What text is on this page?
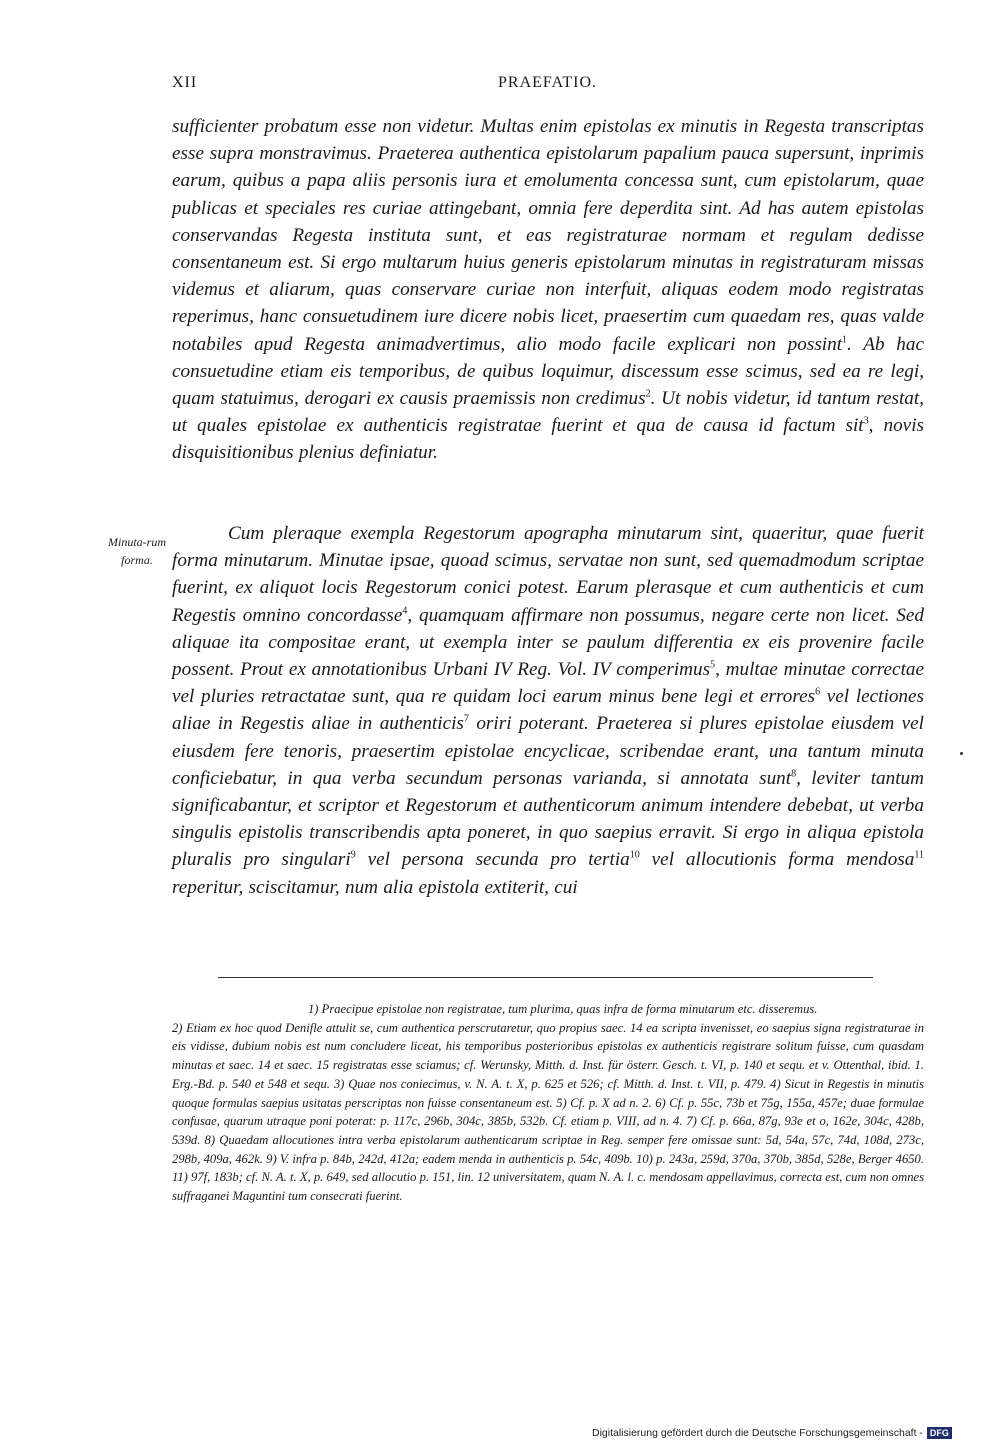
XII	PRAEFATIO.
sufficienter probatum esse non videtur. Multas enim epistolas ex minutis in Regesta transcriptas esse supra monstravimus. Praeterea authentica epistolarum papalium pauca supersunt, inprimis earum, quibus a papa aliis personis iura et emolumenta concessa sunt, cum epistolarum, quae publicas et speciales res curiae attingebant, omnia fere deperdita sint. Ad has autem epistolas conservandas Regesta instituta sunt, et eas registraturae normam et regulam dedisse consentaneum est. Si ergo multarum huius generis epistolarum minutas in registraturam missas videmus et aliarum, quas conservare curiae non interfuit, aliquas eodem modo registratas reperimus, hanc consuetudinem iure dicere nobis licet, praesertim cum quaedam res, quas valde notabiles apud Regesta animadvertimus, alio modo facile explicari non possint$^1$. Ab hac consuetudine etiam eis temporibus, de quibus loquimur, discessum esse scimus, sed ea re legi, quam statuimus, derogari ex causis praemissis non credimus$^2$. Ut nobis videtur, id tantum restat, ut quales epistolae ex authenticis registratae fuerint et qua de causa id factum sit$^3$, novis disquisitionibus plenius definiatur.
Minuta-rum forma.
Cum pleraque exempla Regestorum apographa minutarum sint, quaeritur, quae fuerit forma minutarum. Minutae ipsae, quoad scimus, servatae non sunt, sed quemadmodum scriptae fuerint, ex aliquot locis Regestorum conici potest. Earum plerasque et cum authenticis et cum Regestis omnino concordasse$^4$, quamquam affirmare non possumus, negare certe non licet. Sed aliquae ita compositae erant, ut exempla inter se paulum differentia ex eis provenire facile possent. Prout ex annotationibus Urbani IV Reg. Vol. IV comperimus$^5$, multae minutae correctae vel pluries retractatae sunt, qua re quidam loci earum minus bene legi et errores$^6$ vel lectiones aliae in Regestis aliae in authenticis$^7$ oriri poterant. Praeterea si plures epistolae eiusdem vel eiusdem fere tenoris, praesertim epistolae encyclicae, scribendae erant, una tantum minuta conficiebatur, in qua verba secundum personas varianda, si annotata sunt$^8$, leviter tantum significabantur, et scriptor et Regestorum et authenticorum animum intendere debebat, ut verba singulis epistolis transcribendis apta poneret, in quo saepius erravit. Si ergo in aliqua epistola pluralis pro singulari$^9$ vel persona secunda pro tertia$^{10}$ vel allocutionis forma mendosa$^{11}$ reperitur, sciscitamur, num alia epistola extiterit, cui
1) Praecipue epistolae non registratae, tum plurima, quas infra de forma minutarum etc. disseremus.
2) Etiam ex hoc quod Denifle attulit se, cum authentica perscrutaretur, quo propius saec. 14 ea scripta invenisset, eo saepius signa registraturae in eis vidisse, dubium nobis est num concludere liceat, his temporibus posterioribus epistolas ex authenticis registrare solitum fuisse, cum quasdam minutas et saec. 14 et saec. 15 registratas esse sciamus; cf. Werunsky, Mitth. d. Inst. für österr. Gesch. t. VI, p. 140 et sequ. et v. Ottenthal, ibid. 1. Erg.-Bd. p. 540 et 548 et sequ. 3) Quae nos coniecimus, v. N. A. t. X, p. 625 et 526; cf. Mitth. d. Inst. t. VII, p. 479. 4) Sicut in Regestis in minutis quoque formulas saepius usitatas perscriptas non fuisse consentaneum est. 5) Cf. p. X ad n. 2. 6) Cf. p. 55c, 73b et 75g, 155a, 457e; duae formulae confusae, quarum utraque poni poterat: p. 117c, 296b, 304c, 385b, 532b. Cf. etiam p. VIII, ad n. 4. 7) Cf. p. 66a, 87g, 93e et o, 162e, 304c, 428b, 539d. 8) Quaedam allocutiones intra verba epistolarum authenticarum scriptae in Reg. semper fere omissae sunt: 5d, 54a, 57c, 74d, 108d, 273c, 298b, 409a, 462k. 9) V. infra p. 84b, 242d, 412a; eadem menda in authenticis p. 54c, 409b. 10) p. 243a, 259d, 370a, 370b, 385d, 528e, Berger 4650. 11) 97f, 183b; cf. N. A. t. X, p. 649, sed allocutio p. 151, lin. 12 universitatem, quam N. A. l. c. mendosam appellavimus, correcta est, cum non omnes suffraganei Maguntini tum consecrati fuerint.
Digitalisierung gefördert durch die Deutsche Forschungsgemeinschaft - DFG
